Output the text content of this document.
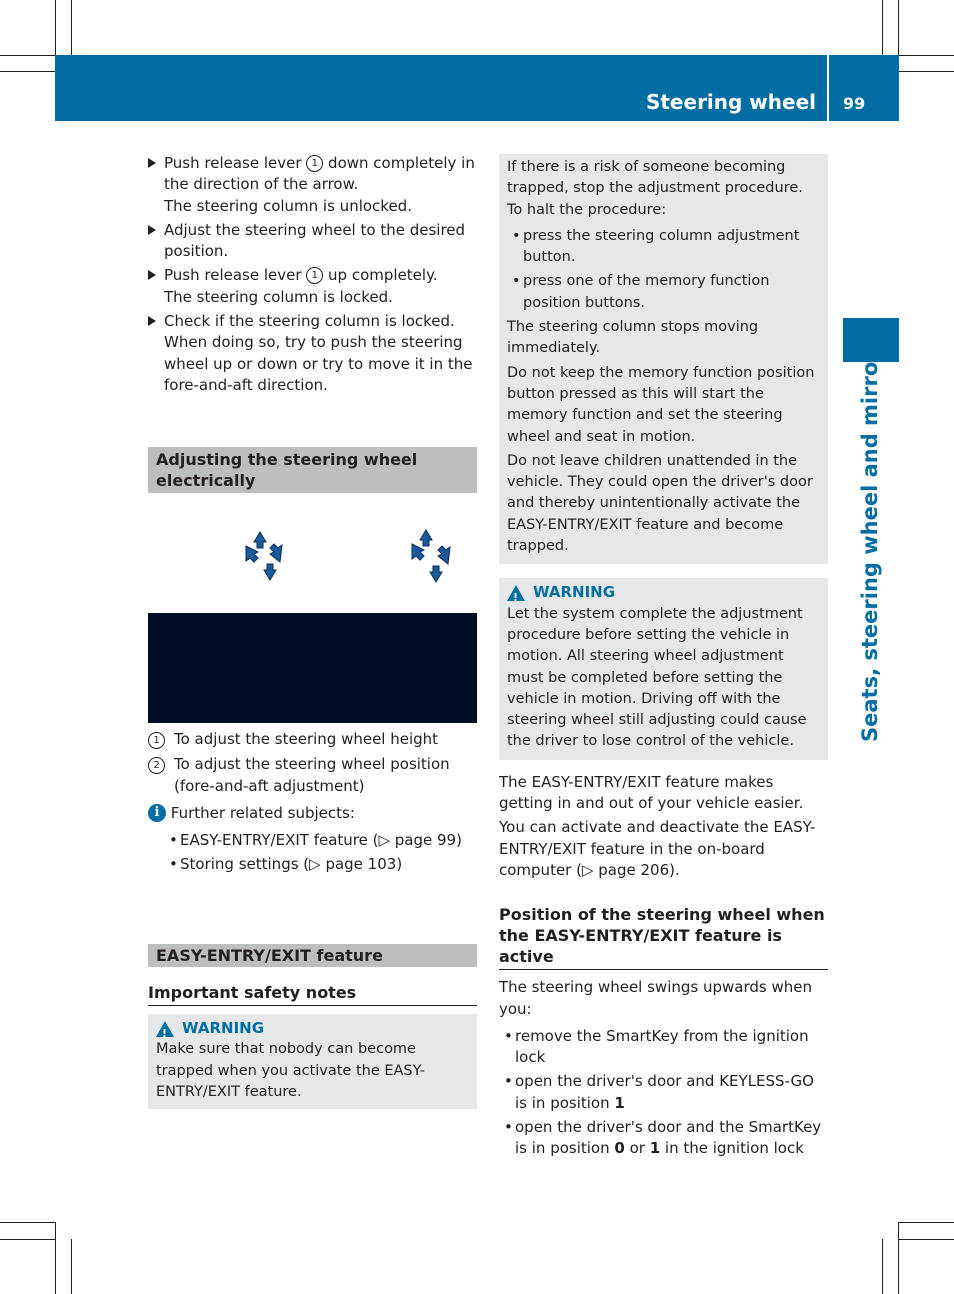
Steering wheel 99
Seats, steering wheel and mirrors

Push release lever 1 down completely in the direction of the arrow.

The steering column is unlocked.

Adjust the steering wheel to the desired position.

Push release lever 1 up completely.

The steering column is locked.

Check if the steering column is locked. When doing so, try to push the steering wheel up or down or try to move it in the fore-and-aft direction.

Adjusting the steering wheel electrically
1 To adjust the steering wheel height

2 To adjust the steering wheel position (fore-and-aft adjustment)

i Further related subjects:

• EASY-ENTRY/EXIT feature (▷ page 99)

• Storing settings (▷ page 103)

EASY-ENTRY/EXIT feature
Important safety notes
!
WARNING

Make sure that nobody can become trapped when you activate the EASY-ENTRY/EXIT feature.

If there is a risk of someone becoming trapped, stop the adjustment procedure. To halt the procedure:

• press the steering column adjustment button.

• press one of the memory function position buttons.

The steering column stops moving immediately.

Do not keep the memory function position button pressed as this will start the memory function and set the steering wheel and seat in motion.

Do not leave children unattended in the vehicle. They could open the driver's door and thereby unintentionally activate the EASY-ENTRY/EXIT feature and become trapped.

!
WARNING

Let the system complete the adjustment procedure before setting the vehicle in motion. All steering wheel adjustment must be completed before setting the vehicle in motion. Driving off with the steering wheel still adjusting could cause the driver to lose control of the vehicle.

The EASY-ENTRY/EXIT feature makes getting in and out of your vehicle easier.

You can activate and deactivate the EASY-ENTRY/EXIT feature in the on-board computer (▷ page 206).

Position of the steering wheel when the EASY-ENTRY/EXIT feature is active

The steering wheel swings upwards when you:

• remove the SmartKey from the ignition lock

• open the driver's door and KEYLESS-GO is in position 1

• open the driver's door and the SmartKey is in position 0 or 1 in the ignition lock
